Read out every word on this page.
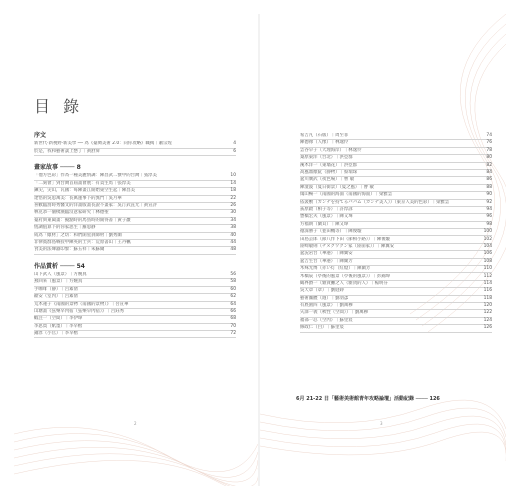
目 錄
序文
新世代‧新視野‧新美學 ── 為《臺灣美術 2.0：向你攻略》職揭｜蕭宗煌	4
於是，我和藝術談上戀了｜黃舒屏	6
畫家故事 ──── 8
「他方色彩」作為一種美麗情調：陳昌武二號中的台灣｜張淳美	10
「二刻會」到台灣首屆畫會展：有責生馬｜張淳美	14
鍊尖，尖山，瓦國：每陳畫江開始東空生起｜陳昌美	18
達悟的吳思萬美：長萬運事下的異門｜吳月華	22
喜歡臨罰時秀醫文的洋畫版畫長說不畫家：吳汀武直尤｜黃宣評	26
林克恭一個樸漢臨沒意家研究｜林德聖	30
臺府與東閩畫：擬點時的馬鳥時的開得書｜黃子巖	34
恆調值算下的你家思生｜羅思靜	38
成為「傾材」之切：和們開星員師材｜劉秀蘭	40
非律賓群島戰役中陳英的士兵：荒原書山｜王丹楓	44
食美的法聲器印象：蘇五祥｜朱蘇爾	48
作品賞析 ──── 54
山下武人（風景）｜方婉真	56
燕回來（風景）｜方婉真	58
手咖啡（靜）｜呂素倩	60
歐安（室內）｜呂素倩	62
荒木蓮子《南國的景物（南國的景物）》｜吾宣華	64
山塘畫《弦樂早內宿（弦樂早內宿）》｜呂鈺秀	66
蝦注一（空間）｜李伊瑋	68
李思賈（紙墨）｜李早楷	70
錦淳（小官）｜李早楷	72
2
希吉凡（石版）｜周至菲	74
陳德祿（人像）｜林逸伶	76
雲谷早子（大理海岸）｜林逸伶	78
桑原東洋（台北）｜洪亞群	80
溪木洋一（東墻花）｜洪亞群	82
高風鼎顏阮（靜物）｜蔡瑞琛	84
盆川廣武（夜色場）｜曹 敏	86
陳澄波（夏日街景）（夏之風）｜曹 敏	88
傷山暢一（南國的海面（南國的海面）｜梁雅雲	90
依裝敷（カンナを持てるババム（カンナ美人））（東京人美的色彩）｜梁雅雲	92
荻原啟（相子等）｜許淳詠	94
豐橋宏夫（風景）｜陳又瑋	96
方福朗（蘭貝）｜陳又瑋	98
徳深勝子（並田機等）｜陳俊璇	100
田島芸郎（節八作下田（節相小路））｜陳俊璇	102
陸崎敏則（チヌクワクン家（陸崩家））｜陳翼安	104
盆況岩台（華港）｜陳翼安	106
盆吉生台（華港）｜陳蘭芳	108
木殊光博（赤い灯（紅燈）｜陳蘭芳	110
木橋辰（亭後的風景（亭後的風景））｜彭錦瑋	112
鶴界爵一（雜貨攤之人（雜貨的人）｜楊明芬	114
吳天章（章）｜劉庭錚	116
藝術團體（週）｜劉羽彥	118
有底園四（風景）｜劉萬穆	120
矢澤一義（秋性（空間））｜劉萬穆	122
福部一忍（空內）｜蘇里宸	124
修政仁（白）｜蘇里宸	126
6月 21-22 日「藝術美術館青年攻略論壇」活動紀錄 ──── 126
3
